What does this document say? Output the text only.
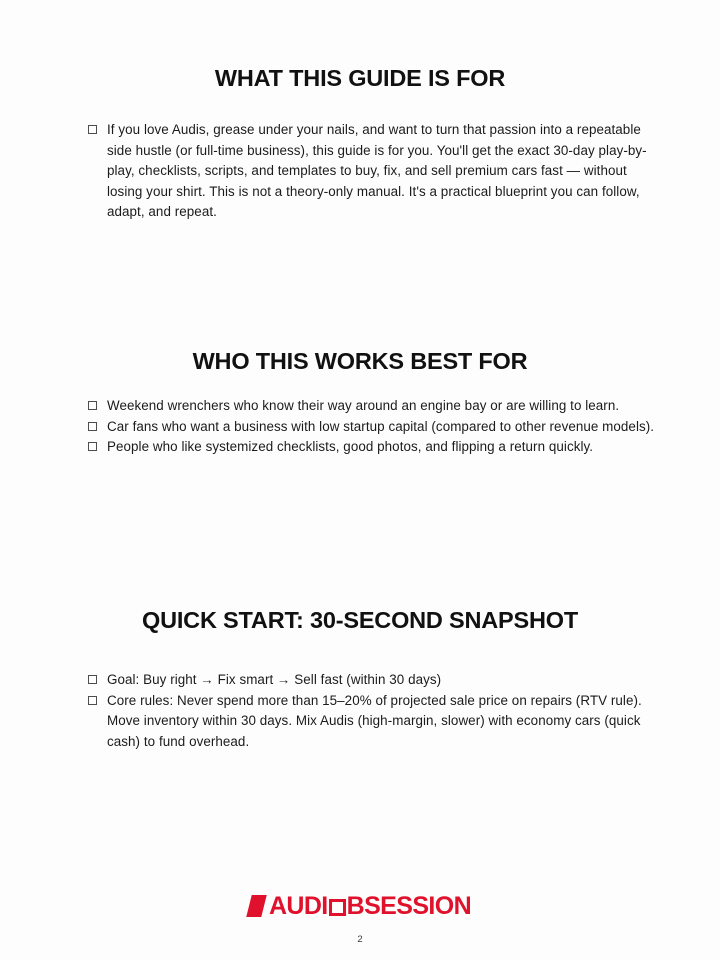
WHAT THIS GUIDE IS FOR
If you love Audis, grease under your nails, and want to turn that passion into a repeatable side hustle (or full-time business), this guide is for you. You'll get the exact 30-day play-by-play, checklists, scripts, and templates to buy, fix, and sell premium cars fast — without losing your shirt. This is not a theory-only manual. It's a practical blueprint you can follow, adapt, and repeat.
WHO THIS WORKS BEST FOR
Weekend wrenchers who know their way around an engine bay or are willing to learn.
Car fans who want a business with low startup capital (compared to other revenue models).
People who like systemized checklists, good photos, and flipping a return quickly.
QUICK START: 30-SECOND SNAPSHOT
Goal: Buy right → Fix smart → Sell fast (within 30 days)
Core rules: Never spend more than 15–20% of projected sale price on repairs (RTV rule). Move inventory within 30 days. Mix Audis (high-margin, slower) with economy cars (quick cash) to fund overhead.
AUDI BSESSION
2
